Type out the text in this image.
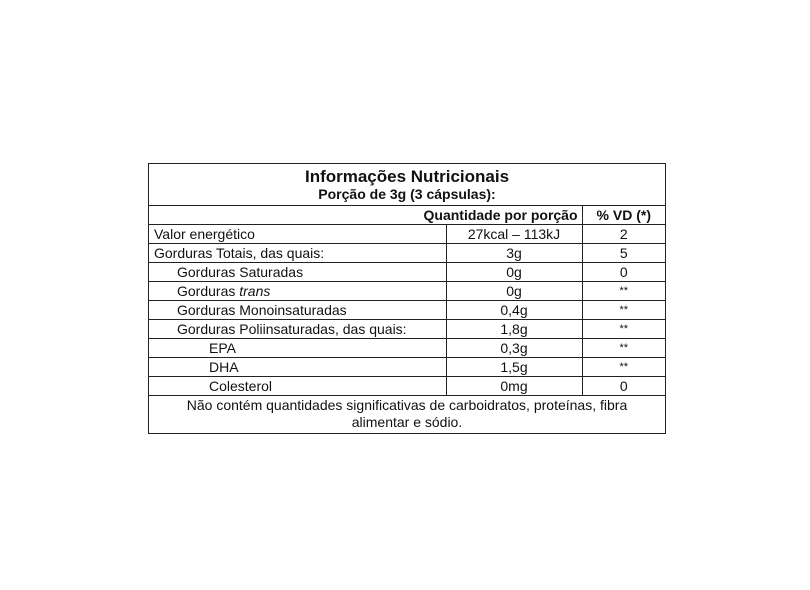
Informações Nutricionais
Porção de 3g (3 cápsulas):
Quantidade por porção		% VD (*)
Valor energético	27kcal – 113kJ	2
Gorduras Totais, das quais:	3g	5
Gorduras Saturadas	0g	0
Gorduras trans	0g	**
Gorduras Monoinsaturadas	0,4g	**
Gorduras Poliinsaturadas, das quais:	1,8g	**
EPA	0,3g	**
DHA	1,5g	**
Colesterol	0mg	0
Não contém quantidades significativas de carboidratos, proteínas, fibra
alimentar e sódio.
